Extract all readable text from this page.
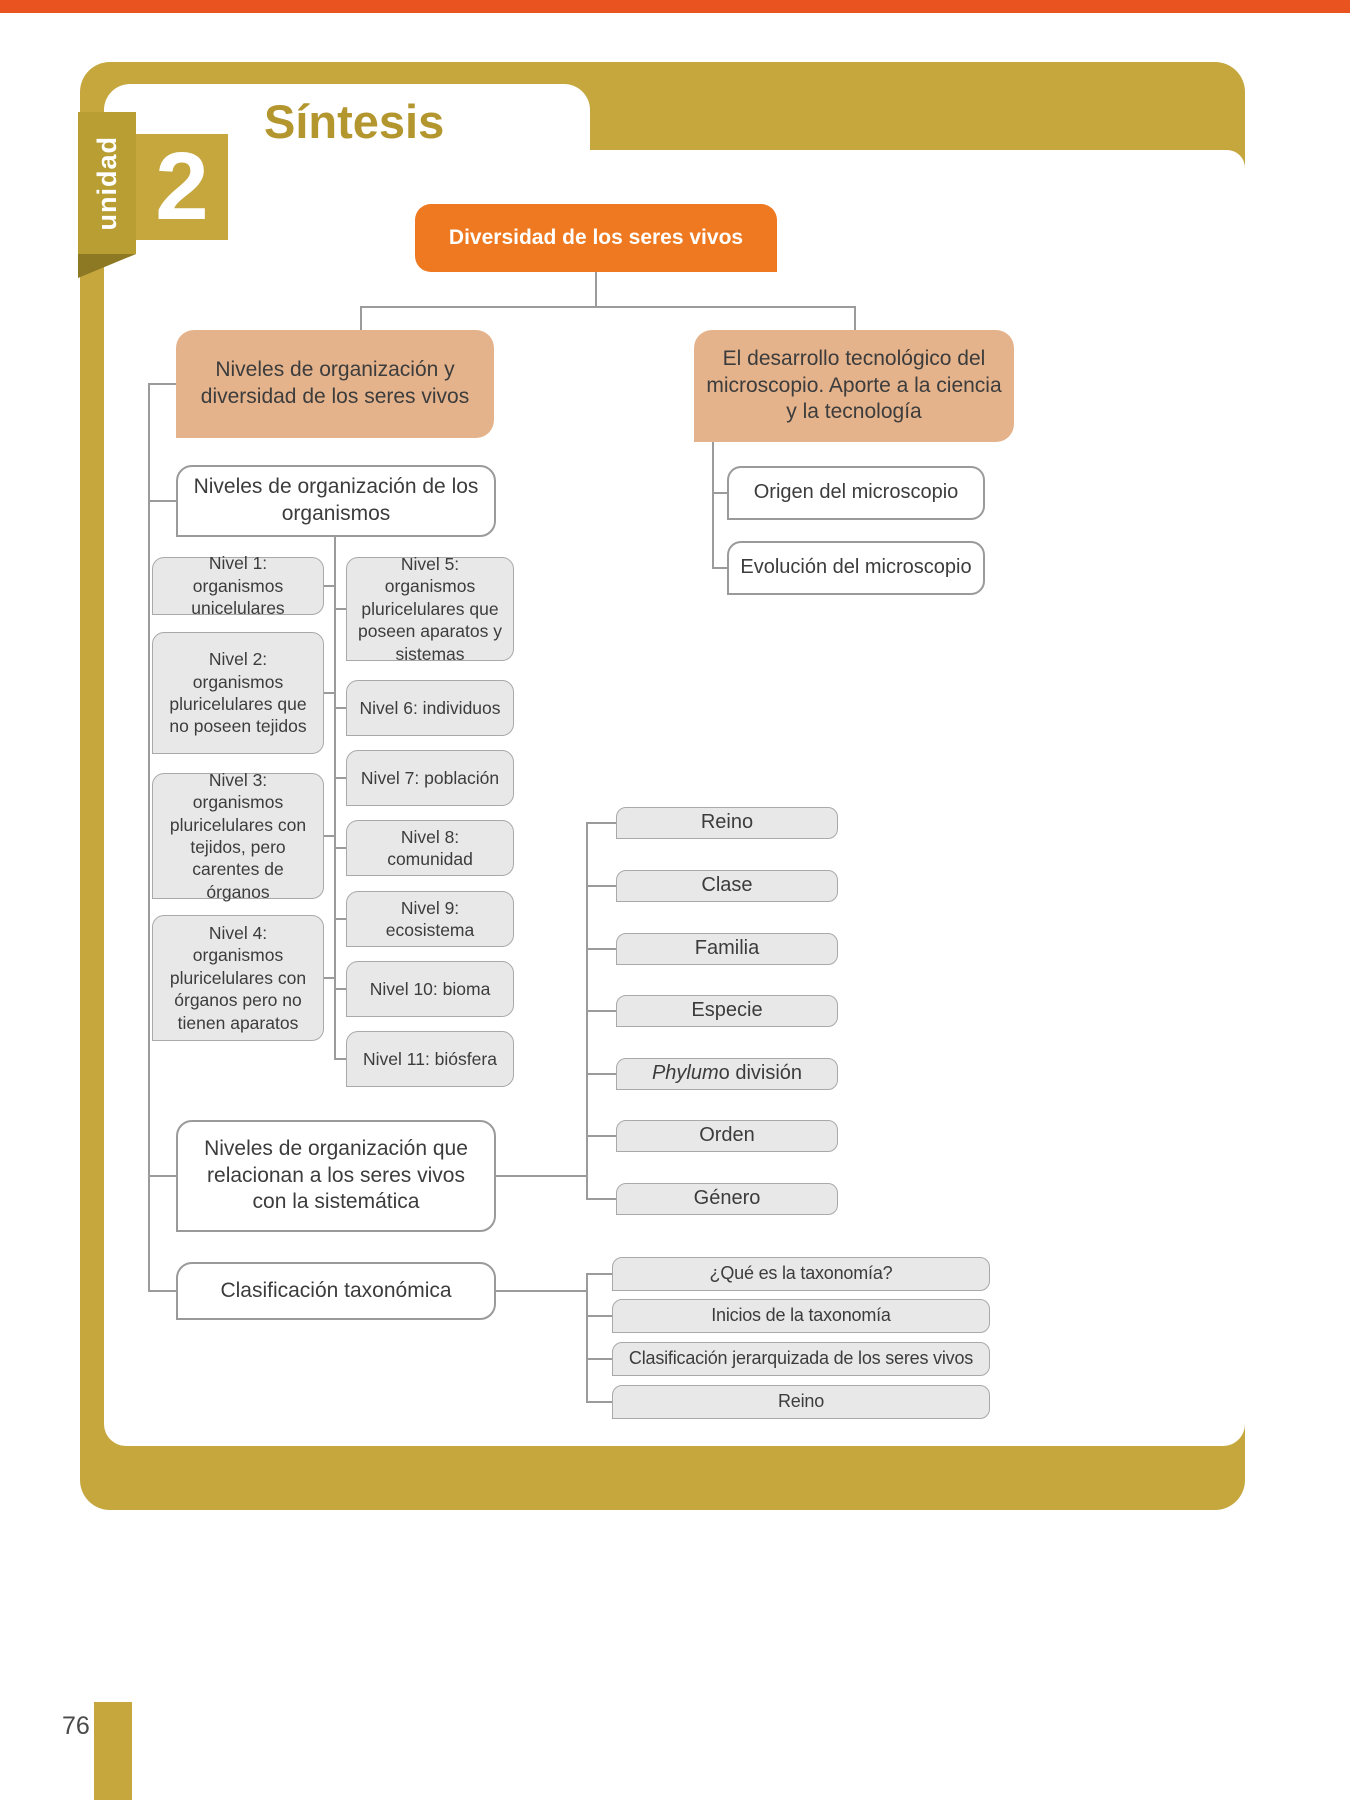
unidad 2
Síntesis
Diversidad de los seres vivos
Niveles de organización y diversidad de los seres vivos
El desarrollo tecnológico del microscopio. Aporte a la ciencia y la tecnología
Origen del microscopio
Evolución del microscopio
Niveles de organización de los organismos
Nivel 1: organismos unicelulares
Nivel 2: organismos pluricelulares que no poseen tejidos
Nivel 3: organismos pluricelulares con tejidos, pero carentes de órganos
Nivel 4: organismos pluricelulares con órganos pero no tienen aparatos
Nivel 5: organismos pluricelulares que poseen aparatos y sistemas
Nivel 6: individuos
Nivel 7: población
Nivel 8: comunidad
Nivel 9: ecosistema
Nivel 10: bioma
Nivel 11: biósfera
Niveles de organización que relacionan a los seres vivos con la sistemática
Reino
Clase
Familia
Especie
Phylum o división
Orden
Género
Clasificación taxonómica
¿Qué es la taxonomía?
Inicios de la taxonomía
Clasificación jerarquizada de los seres vivos
Reino
76
